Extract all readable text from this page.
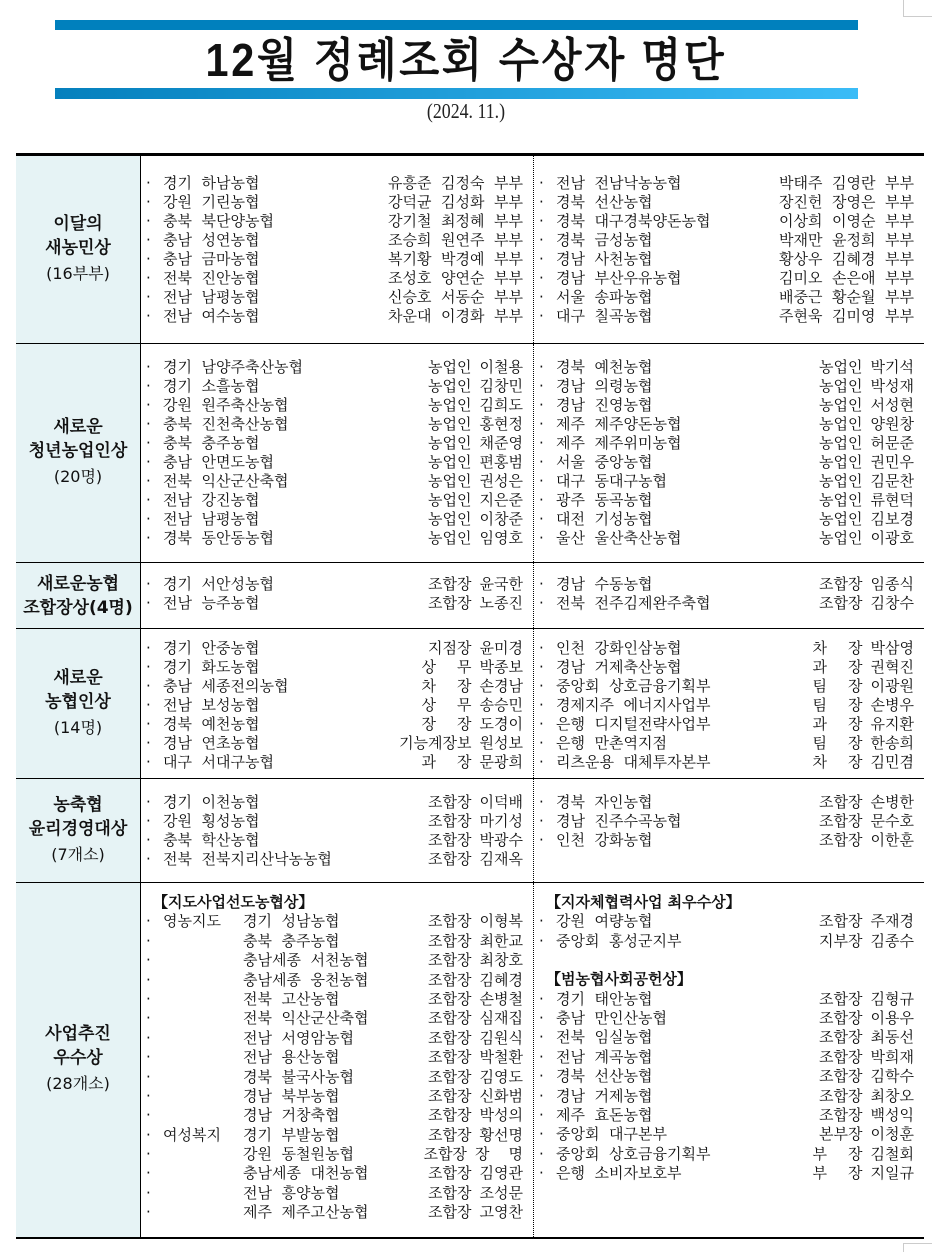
12월 정례조회 수상자 명단
(2024. 11.)
이달의
새농민상
(16부부)
· 경기  하남농협	유흥준  김정숙  부부
· 강원  기린농협	강덕균  김성화  부부
· 충북  북단양농협	강기철  최정혜  부부
· 충남  성연농협	조승희  원연주  부부
· 충남  금마농협	복기황  박경예  부부
· 전북  진안농협	조성호  양연순  부부
· 전남  남평농협	신승호  서동순  부부
· 전남  여수농협	차운대  이경화  부부
· 전남  전남낙농농협	박태주  김영란  부부
· 경북  선산농협	장진헌  장영은  부부
· 경북  대구경북양돈농협	이상희  이영순  부부
· 경북  금성농협	박재만  윤정희  부부
· 경남  사천농협	황상우  김혜경  부부
· 경남  부산우유농협	김미오  손은애  부부
· 서울  송파농협	배중근  황순월  부부
· 대구  칠곡농협	주현욱  김미영  부부
새로운
청년농업인상
(20명)
· 경기  남양주축산농협	농업인 이철용
· 경기  소흘농협	농업인 김창민
· 강원  원주축산농협	농업인 김희도
· 충북  진천축산농협	농업인 홍현정
· 충북  충주농협	농업인 채준영
· 충남  안면도농협	농업인 편홍범
· 전북  익산군산축협	농업인 권성은
· 전남  강진농협	농업인 지은준
· 전남  남평농협	농업인 이창준
· 경북  동안동농협	농업인 임영호
· 경북  예천농협	농업인 박기석
· 경남  의령농협	농업인 박성재
· 경남  진영농협	농업인 서성현
· 제주  제주양돈농협	농업인 양원창
· 제주  제주위미농협	농업인 허문준
· 서울  중앙농협	농업인 권민우
· 대구  동대구농협	농업인 김문찬
· 광주  동곡농협	농업인 류현덕
· 대전  기성농협	농업인 김보경
· 울산  울산축산농협	농업인 이광호
새로운농협
조합장상(4명)
· 경기  서안성농협	조합장 윤국한
· 전남  능주농협	조합장 노종진
· 경남  수동농협	조합장 임종식
· 전북  전주김제완주축협	조합장 김창수
새로운
농협인상
(14명)
· 경기  안중농협	지점장 윤미경
· 경기  화도농협	상 무 박종보
· 충남  세종전의농협	차 장 손경남
· 전남  보성농협	상 무 송승민
· 경북  예천농협	장 장 도경이
· 경남  연초농협	기능계장보 원성보
· 대구  서대구농협	과 장 문광희
· 인천  강화인삼농협	차 장 박삼영
· 경남  거제축산농협	과 장 권혁진
· 중앙회  상호금융기획부	팀 장 이광원
· 경제지주  에너지사업부	팀 장 손병우
· 은행  디지털전략사업부	과 장 유지환
· 은행  만촌역지점	팀 장 한송희
· 리츠운용  대체투자본부	차 장 김민겸
농축협
윤리경영대상
(7개소)
· 경기  이천농협	조합장 이덕배
· 강원  횡성농협	조합장 마기성
· 충북  학산농협	조합장 박광수
· 전북  전북지리산낙농농협	조합장 김재옥
· 경북  자인농협	조합장 손병한
· 경남  진주수곡농협	조합장 문수호
· 인천  강화농협	조합장 이한훈
사업추진
우수상
(28개소)
【지도사업선도농협상】
· 영농지도 경기  성남농협	조합장 이형복
·	충북  충주농협	조합장 최한교
·	충남세종  서천농협	조합장 최창호
·	충남세종  웅천농협	조합장 김혜경
·	전북  고산농협	조합장 손병철
·	전북  익산군산축협	조합장 심재집
·	전남  서영암농협	조합장 김원식
·	전남  용산농협	조합장 박철환
·	경북  불국사농협	조합장 김영도
·	경남  북부농협	조합장 신화범
·	경남  거창축협	조합장 박성의
· 여성복지 경기  부발농협	조합장 황선명
·	강원  동철원농협	조합장 장    명
·	충남세종  대천농협	조합장 김영관
·	전남  흥양농협	조합장 조성문
·	제주  제주고산농협	조합장 고영찬
【지자체협력사업 최우수상】
· 강원  여량농협	조합장 주재경
· 중앙회  홍성군지부	지부장 김종수
【범농협사회공헌상】
· 경기  태안농협	조합장 김형규
· 충남  만인산농협	조합장 이용우
· 전북  임실농협	조합장 최동선
· 전남  계곡농협	조합장 박희재
· 경북  선산농협	조합장 김학수
· 경남  거제농협	조합장 최창오
· 제주  효돈농협	조합장 백성익
· 중앙회  대구본부	본부장 이청훈
· 중앙회  상호금융기획부	부 장 김철회
· 은행  소비자보호부	부 장 지일규
